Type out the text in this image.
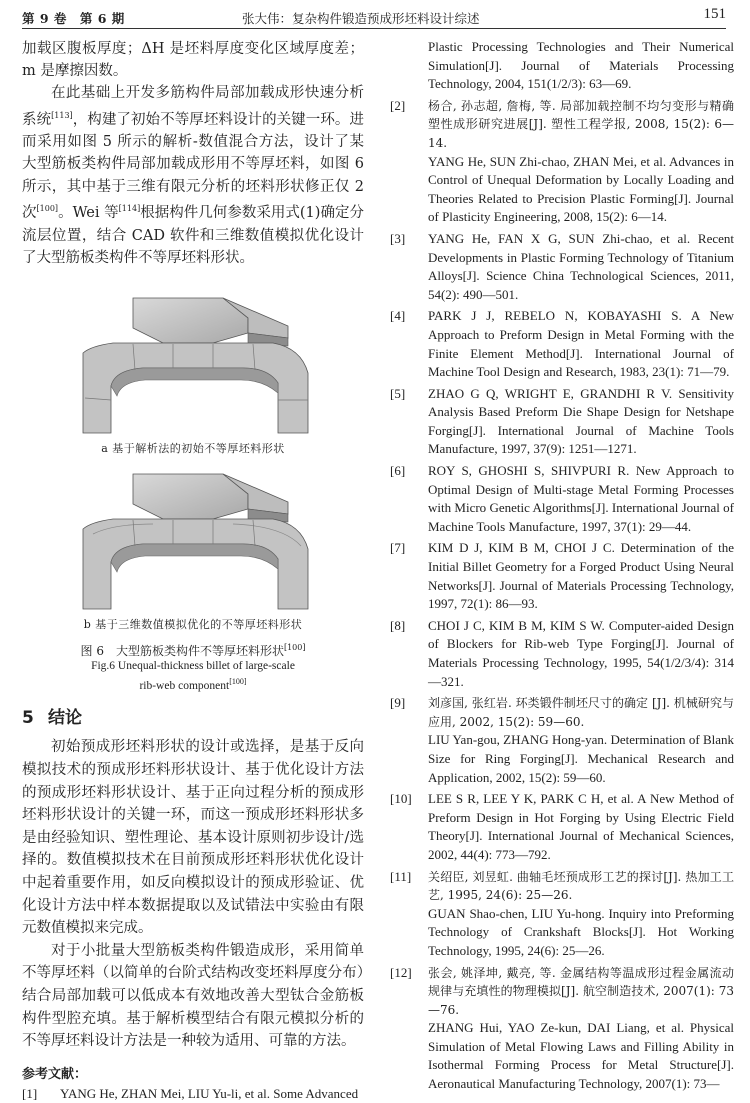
第 9 卷　第 6 期	张大伟：复杂构件锻造预成形坯料设计综述	151

加载区腹板厚度；ΔH 是坯料厚度变化区域厚度差；m 是摩擦因数。

在此基础上开发多筋构件局部加载成形快速分析系统[113]，构建了初始不等厚坯料设计的关键一环。进而采用如图 5 所示的解析-数值混合方法，设计了某大型筋板类构件局部加载成形用不等厚坯料，如图 6 所示，其中基于三维有限元分析的坯料形状修正仅 2 次[100]。Wei 等[114]根据构件几何参数采用式(1)确定分流层位置，结合 CAD 软件和三维数值模拟优化设计了大型筋板类构件不等厚坯料形状。

a 基于解析法的初始不等厚坯料形状

b 基于三维数值模拟优化的不等厚坯料形状

图 6　大型筋板类构件不等厚坯料形状[100]
Fig.6 Unequal-thickness billet of large-scale
rib-web component[100]
5 结论

初始预成形坯料形状的设计或选择，是基于反向模拟技术的预成形坯料形状设计、基于优化设计方法的预成形坯料形状设计、基于正向过程分析的预成形坯料形状设计的关键一环，而这一预成形坯料形状多是由经验知识、塑性理论、基本设计原则初步设计/选择的。数值模拟技术在目前预成形坯料形状优化设计中起着重要作用，如反向模拟设计的预成形验证、优化设计方法中样本数据提取以及试错法中实验由有限元数值模拟来完成。

对于小批量大型筋板类构件锻造成形，采用简单不等厚坯料（以简单的台阶式结构改变坯料厚度分布）结合局部加载可以低成本有效地改善大型钛合金筋板构件型腔充填。基于解析模型结合有限元模拟分析的不等厚坯料设计方法是一种较为适用、可靠的方法。

参考文献：
[1] YANG He, ZHAN Mei, LIU Yu-li, et al. Some Advanced
Plastic Processing Technologies and Their Numerical Simulation[J]. Journal of Materials Processing Technology, 2004, 151(1/2/3): 63—69.
[2] 杨合, 孙志超, 詹梅, 等. 局部加载控制不均匀变形与精确塑性成形研究进展[J]. 塑性工程学报, 2008, 15(2): 6—14.
YANG He, SUN Zhi-chao, ZHAN Mei, et al. Advances in Control of Unequal Deformation by Locally Loading and Theories Related to Precision Plastic Forming[J]. Journal of Plasticity Engineering, 2008, 15(2): 6—14.
[3] YANG He, FAN X G, SUN Zhi-chao, et al. Recent Developments in Plastic Forming Technology of Titanium Alloys[J]. Science China Technological Sciences, 2011, 54(2): 490—501.
[4] PARK J J, REBELO N, KOBAYASHI S. A New Approach to Preform Design in Metal Forming with the Finite Element Method[J]. International Journal of Machine Tool Design and Research, 1983, 23(1): 71—79.
[5] ZHAO G Q, WRIGHT E, GRANDHI R V. Sensitivity Analysis Based Preform Die Shape Design for Netshape Forging[J]. International Journal of Machine Tools Manufacture, 1997, 37(9): 1251—1271.
[6] ROY S, GHOSHI S, SHIVPURI R. New Approach to Optimal Design of Multi-stage Metal Forming Processes with Micro Genetic Algorithms[J]. International Journal of Machine Tools Manufacture, 1997, 37(1): 29—44.
[7] KIM D J, KIM B M, CHOI J C. Determination of the Initial Billet Geometry for a Forged Product Using Neural Networks[J]. Journal of Materials Processing Technology, 1997, 72(1): 86—93.
[8] CHOI J C, KIM B M, KIM S W. Computer-aided Design of Blockers for Rib-web Type Forging[J]. Journal of Materials Processing Technology, 1995, 54(1/2/3/4): 314—321.
[9] 刘彦国, 张红岩. 环类锻件制坯尺寸的确定 [J]. 机械研究与应用, 2002, 15(2): 59—60.
LIU Yan-gou, ZHANG Hong-yan. Determination of Blank Size for Ring Forging[J]. Mechanical Research and Application, 2002, 15(2): 59—60.
[10] LEE S R, LEE Y K, PARK C H, et al. A New Method of Preform Design in Hot Forging by Using Electric Field Theory[J]. International Journal of Mechanical Sciences, 2002, 44(4): 773—792.
[11] 关绍臣, 刘昱虹. 曲轴毛坯预成形工艺的探讨[J]. 热加工工艺, 1995, 24(6): 25—26.
GUAN Shao-chen, LIU Yu-hong. Inquiry into Preforming Technology of Crankshaft Blocks[J]. Hot Working Technology, 1995, 24(6): 25—26.
[12] 张会, 姚泽坤, 戴亮, 等. 金属结构等温成形过程金属流动规律与充填性的物理模拟[J]. 航空制造技术, 2007(1): 73—76.
ZHANG Hui, YAO Ze-kun, DAI Liang, et al. Physical Simulation of Metal Flowing Laws and Filling Ability in Isothermal Forming Process for Metal Structure[J]. Aeronautical Manufacturing Technology, 2007(1): 73—
